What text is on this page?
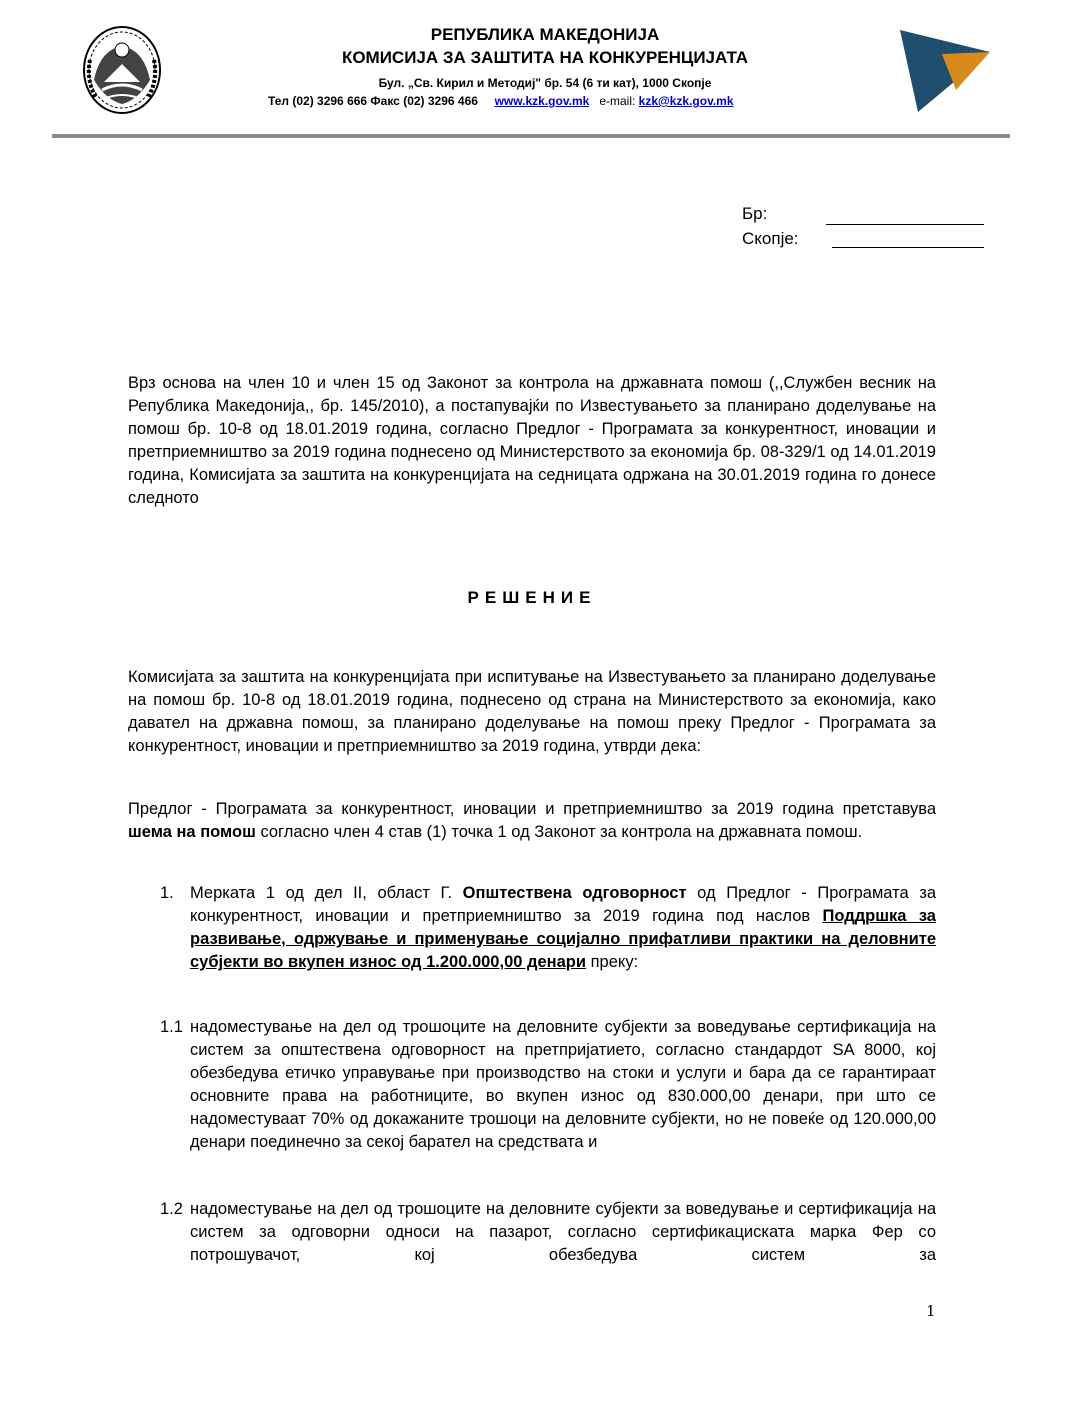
РЕПУБЛИКА МАКЕДОНИЈА
КОМИСИЈА ЗА ЗАШТИТА НА КОНКУРЕНЦИЈАТА
Бул. „Св. Кирил и Методиј" бр. 54 (6 ти кат), 1000 Скопје
Тел (02) 3296 666 Факс (02) 3296 466 www.kzk.gov.mk e-mail: kzk@kzk.gov.mk
Бр:
Скопје:
Врз основа на член 10 и член 15 од Законот за контрола на државната помош (,,Службен весник на Република Македонија,, бр. 145/2010), а постапувајќи по Известувањето за планирано доделување на помош бр. 10-8 од 18.01.2019 година, согласно Предлог - Програмата за конкурентност, иновации и претприемништво за 2019 година поднесено од Министерството за економија бр. 08-329/1 од 14.01.2019 година, Комисијата за заштита на конкуренцијата на седницата одржана на 30.01.2019 година го донесе следното
РЕШЕНИЕ
Комисијата за заштита на конкуренцијата при испитување на Известувањето за планирано доделување на помош бр. 10-8 од 18.01.2019 година, поднесено од страна на Министерството за економија, како давател на државна помош, за планирано доделување на помош преку Предлог - Програмата за конкурентност, иновации и претприемништво за 2019 година, утврди дека:
Предлог - Програмата за конкурентност, иновации и претприемништво за 2019 година претставува шема на помош согласно член 4 став (1) точка 1 од Законот за контрола на државната помош.
1. Мерката 1 од дел II, област Г. Општествена одговорност од Предлог - Програмата за конкурентност, иновации и претприемништво за 2019 година под наслов Поддршка за развивање, одржување и применување социјално прифатливи практики на деловните субјекти во вкупен износ од 1.200.000,00 денари преку:
1.1 надоместување на дел од трошоците на деловните субјекти за воведување сертификација на систем за општествена одговорност на претпријатието, согласно стандардот SA 8000, кој обезбедува етичко управување при производство на стоки и услуги и бара да се гарантираат основните права на работниците, во вкупен износ од 830.000,00 денари, при што се надоместуваат 70% од докажаните трошоци на деловните субјекти, но не повеќе од 120.000,00 денари поединечно за секој барател на средствата и
1.2 надоместување на дел од трошоците на деловните субјекти за воведување и сертификација на систем за одговорни односи на пазарот, согласно сертификациската марка Фер со потрошувачот, кој обезбедува систем за
1
